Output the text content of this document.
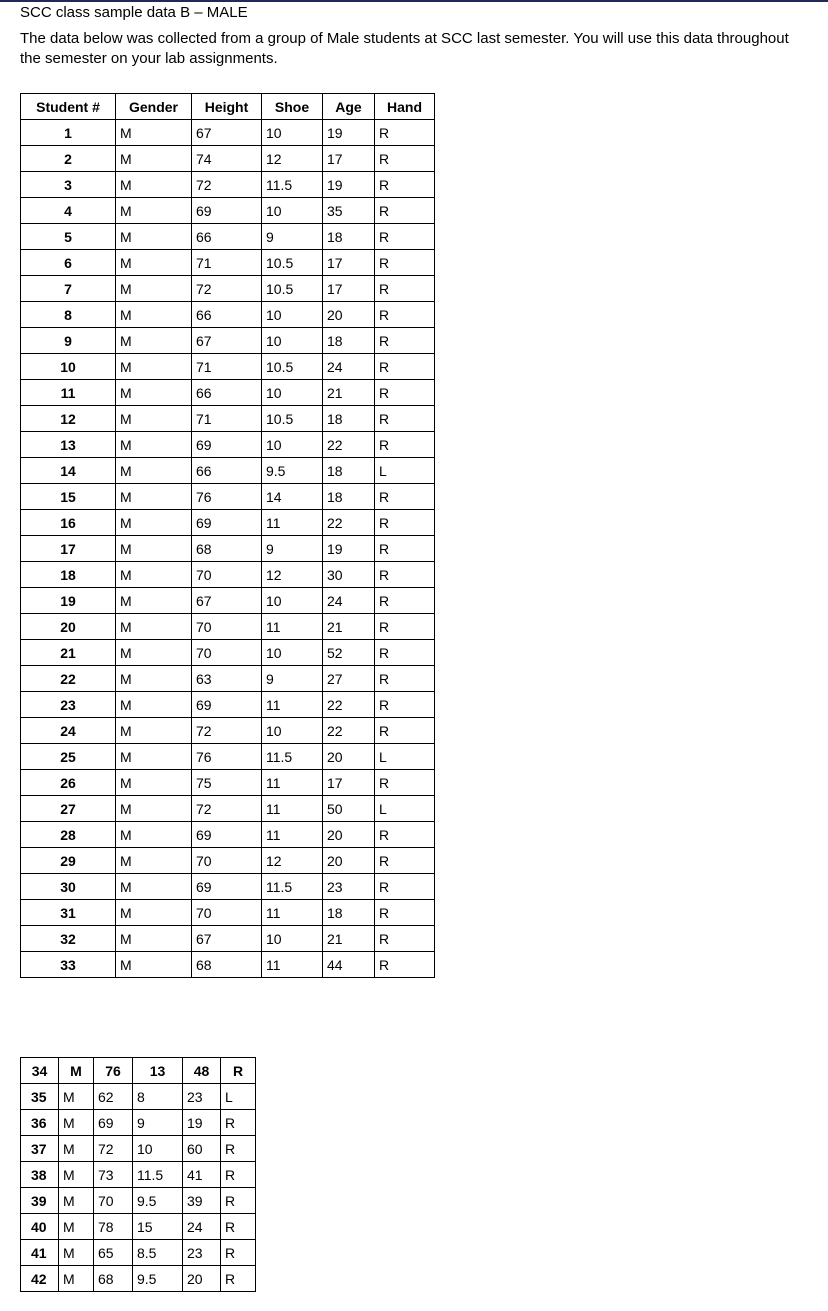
SCC class sample data B – MALE
The data below was collected from a group of Male students at SCC last semester. You will use this data throughout the semester on your lab assignments.
Student #	Gender	Height	Shoe	Age	Hand
1	M	67	10	19	R
2	M	74	12	17	R
3	M	72	11.5	19	R
4	M	69	10	35	R
5	M	66	9	18	R
6	M	71	10.5	17	R
7	M	72	10.5	17	R
8	M	66	10	20	R
9	M	67	10	18	R
10	M	71	10.5	24	R
11	M	66	10	21	R
12	M	71	10.5	18	R
13	M	69	10	22	R
14	M	66	9.5	18	L
15	M	76	14	18	R
16	M	69	11	22	R
17	M	68	9	19	R
18	M	70	12	30	R
19	M	67	10	24	R
20	M	70	11	21	R
21	M	70	10	52	R
22	M	63	9	27	R
23	M	69	11	22	R
24	M	72	10	22	R
25	M	76	11.5	20	L
26	M	75	11	17	R
27	M	72	11	50	L
28	M	69	11	20	R
29	M	70	12	20	R
30	M	69	11.5	23	R
31	M	70	11	18	R
32	M	67	10	21	R
33	M	68	11	44	R
34	M	76	13	48	R
35	M	62	8	23	L
36	M	69	9	19	R
37	M	72	10	60	R
38	M	73	11.5	41	R
39	M	70	9.5	39	R
40	M	78	15	24	R
41	M	65	8.5	23	R
42	M	68	9.5	20	R
